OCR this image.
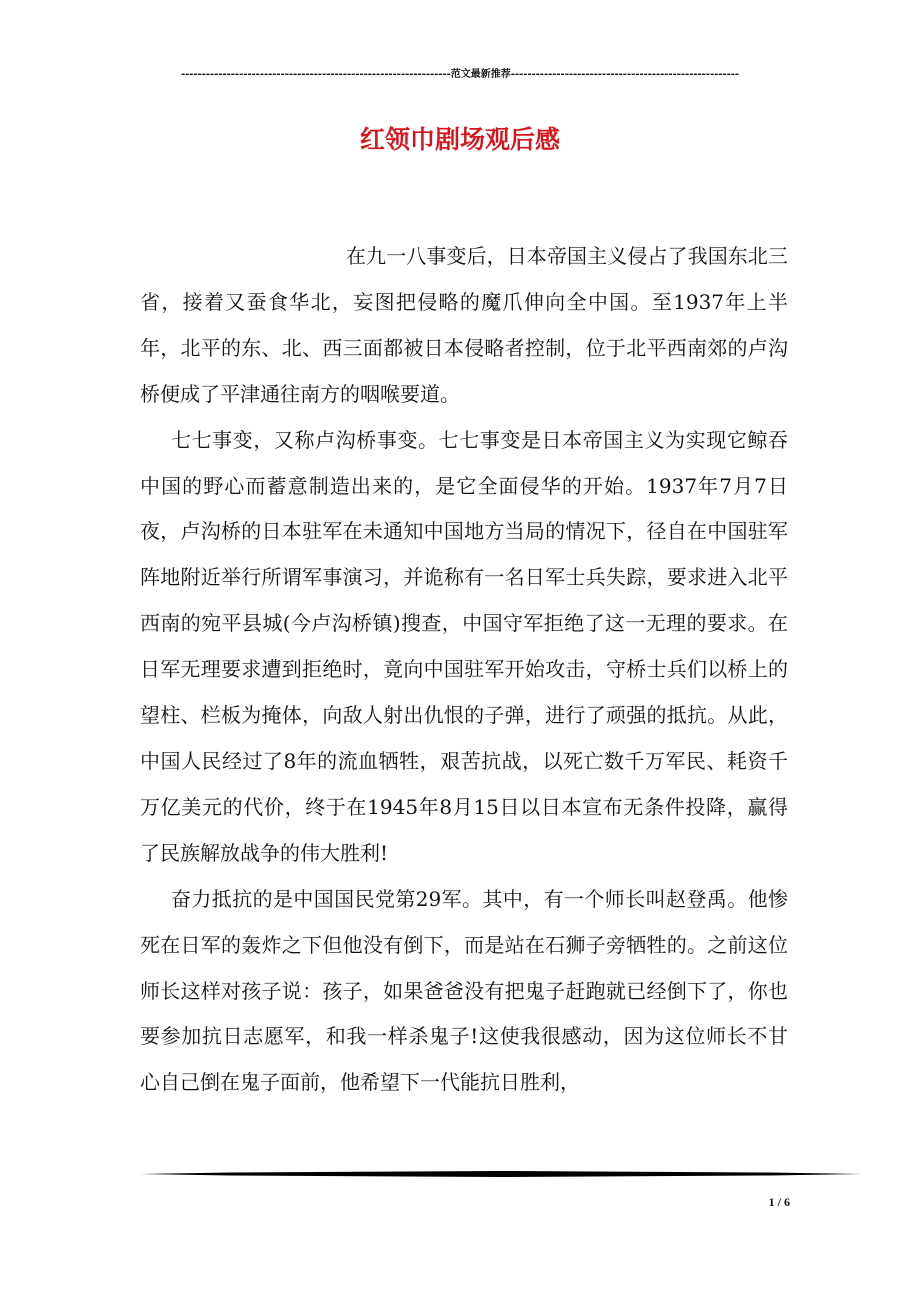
-----------------------------------------------------------------范文最新推荐-------------------------------------------------------
红领巾剧场观后感

在九一八事变后，日本帝国主义侵占了我国东北三省，接着又蚕食华北，妄图把侵略的魔爪伸向全中国。至1937年上半年，北平的东、北、西三面都被日本侵略者控制，位于北平西南郊的卢沟桥便成了平津通往南方的咽喉要道。

七七事变，又称卢沟桥事变。七七事变是日本帝国主义为实现它鲸吞中国的野心而蓄意制造出来的，是它全面侵华的开始。1937年7月7日夜，卢沟桥的日本驻军在未通知中国地方当局的情况下，径自在中国驻军阵地附近举行所谓军事演习，并诡称有一名日军士兵失踪，要求进入北平西南的宛平县城(今卢沟桥镇)搜查，中国守军拒绝了这一无理的要求。在日军无理要求遭到拒绝时，竟向中国驻军开始攻击，守桥士兵们以桥上的望柱、栏板为掩体，向敌人射出仇恨的子弹，进行了顽强的抵抗。从此，中国人民经过了8年的流血牺牲，艰苦抗战，以死亡数千万军民、耗资千万亿美元的代价，终于在1945年8月15日以日本宣布无条件投降，赢得了民族解放战争的伟大胜利!

奋力抵抗的是中国国民党第29军。其中，有一个师长叫赵登禹。他惨死在日军的轰炸之下但他没有倒下，而是站在石狮子旁牺牲的。之前这位师长这样对孩子说：孩子，如果爸爸没有把鬼子赶跑就已经倒下了，你也要参加抗日志愿军，和我一样杀鬼子!这使我很感动，因为这位师长不甘心自己倒在鬼子面前，他希望下一代能抗日胜利，

1 / 6
